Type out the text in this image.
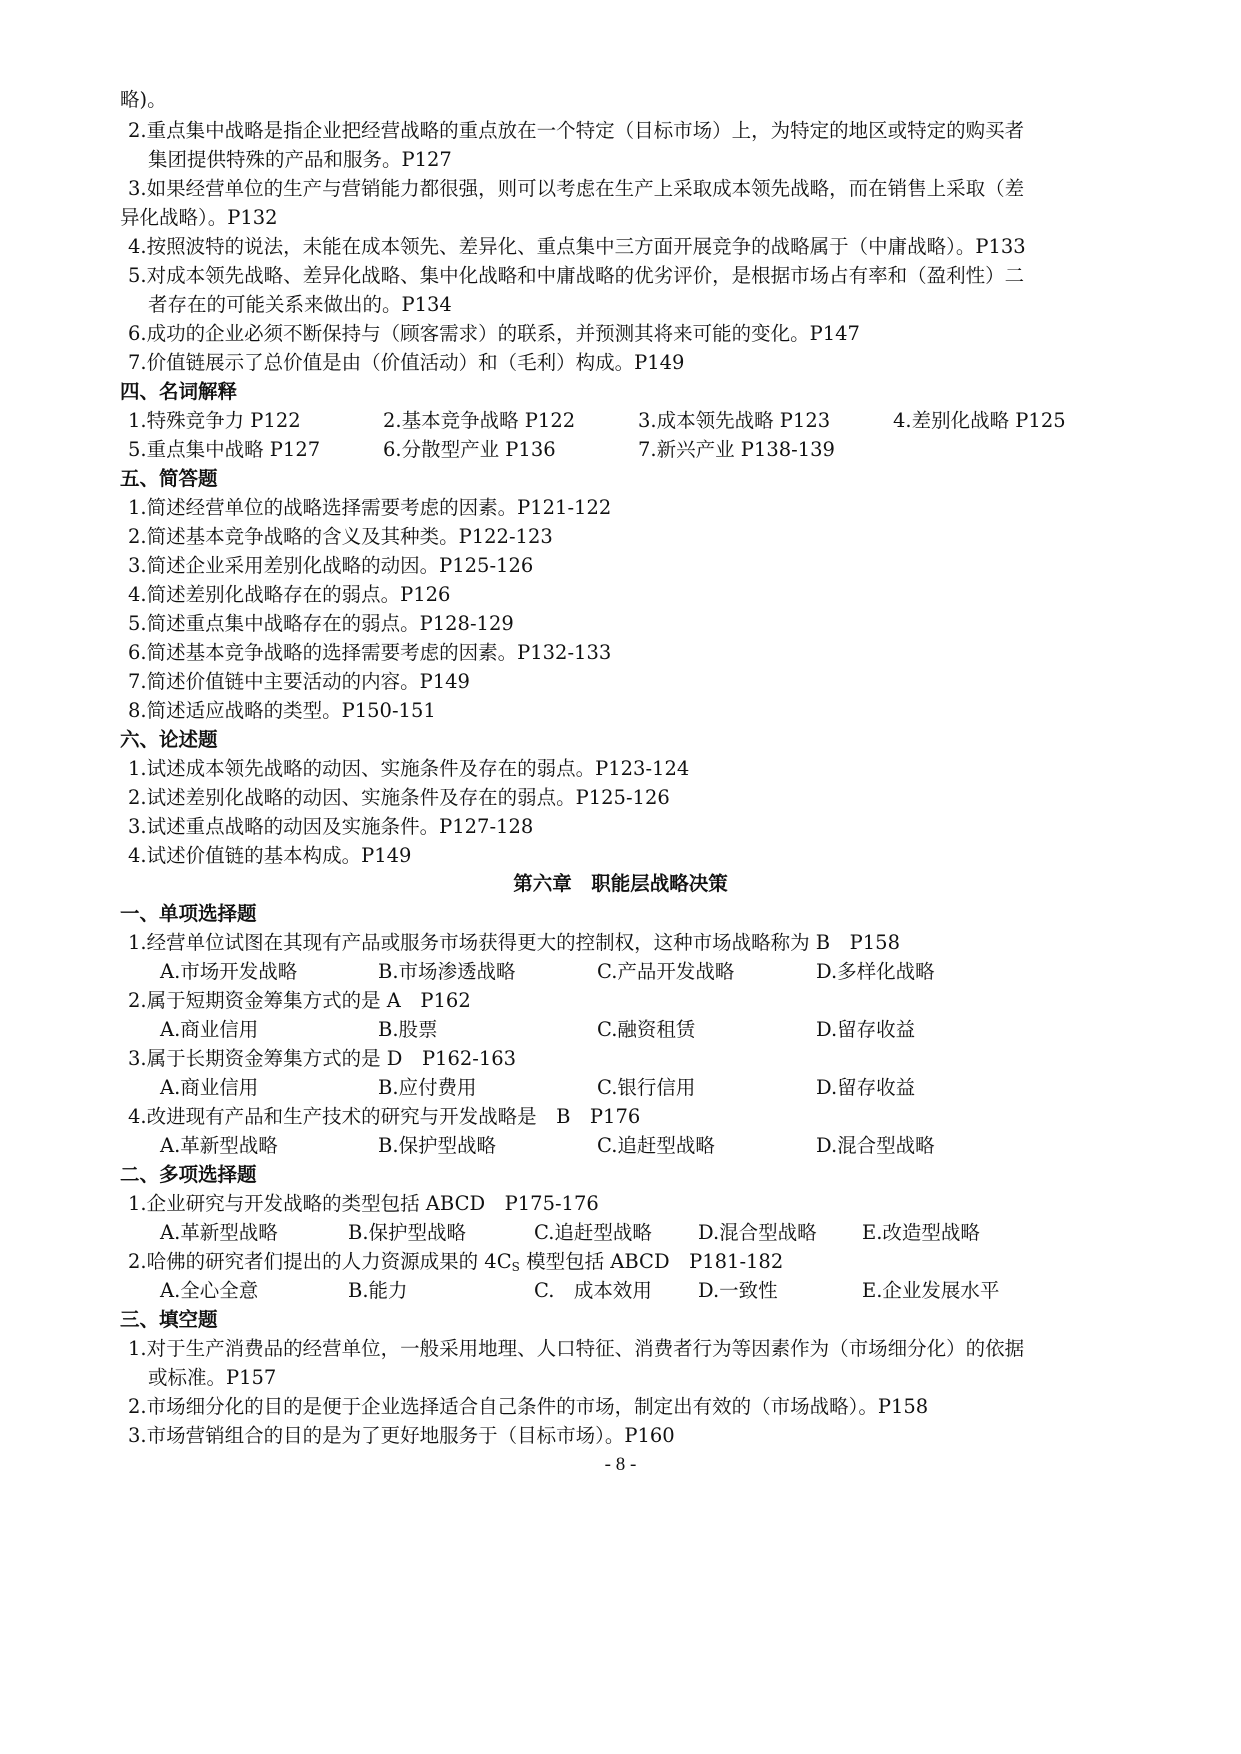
略)。
2.重点集中战略是指企业把经营战略的重点放在一个特定（目标市场）上，为特定的地区或特定的购买者
集团提供特殊的产品和服务。P127
3.如果经营单位的生产与营销能力都很强，则可以考虑在生产上采取成本领先战略，而在销售上采取（差
异化战略）。P132
4.按照波特的说法，未能在成本领先、差异化、重点集中三方面开展竞争的战略属于（中庸战略）。P133
5.对成本领先战略、差异化战略、集中化战略和中庸战略的优劣评价，是根据市场占有率和（盈利性）二
者存在的可能关系来做出的。P134
6.成功的企业必须不断保持与（顾客需求）的联系，并预测其将来可能的变化。P147
7.价值链展示了总价值是由（价值活动）和（毛利）构成。P149
四、名词解释
1.特殊竞争力 P122	2.基本竞争战略 P122	3.成本领先战略 P123	4.差别化战略 P125
5.重点集中战略 P127	6.分散型产业 P136	7.新兴产业 P138-139
五、简答题
1.简述经营单位的战略选择需要考虑的因素。P121-122
2.简述基本竞争战略的含义及其种类。P122-123
3.简述企业采用差别化战略的动因。P125-126
4.简述差别化战略存在的弱点。P126
5.简述重点集中战略存在的弱点。P128-129
6.简述基本竞争战略的选择需要考虑的因素。P132-133
7.简述价值链中主要活动的内容。P149
8.简述适应战略的类型。P150-151
六、论述题
1.试述成本领先战略的动因、实施条件及存在的弱点。P123-124
2.试述差别化战略的动因、实施条件及存在的弱点。P125-126
3.试述重点战略的动因及实施条件。P127-128
4.试述价值链的基本构成。P149
第六章　职能层战略决策
一、单项选择题
1.经营单位试图在其现有产品或服务市场获得更大的控制权，这种市场战略称为 B　P158
A.市场开发战略	B.市场渗透战略	C.产品开发战略	D.多样化战略
2.属于短期资金筹集方式的是 A　P162
A.商业信用	B.股票	C.融资租赁	D.留存收益
3.属于长期资金筹集方式的是 D　P162-163
A.商业信用	B.应付费用	C.银行信用	D.留存收益
4.改进现有产品和生产技术的研究与开发战略是　B　P176
A.革新型战略	B.保护型战略	C.追赶型战略	D.混合型战略
二、多项选择题
1.企业研究与开发战略的类型包括 ABCD　P175-176
A.革新型战略	B.保护型战略	C.追赶型战略 D.混合型战略 E.改造型战略
2.哈佛的研究者们提出的人力资源成果的 $4C_S$ 模型包括 ABCD　P181-182
A.全心全意	B.能力	C.　成本效用 D.一致性	E.企业发展水平
三、填空题
1.对于生产消费品的经营单位，一般采用地理、人口特征、消费者行为等因素作为（市场细分化）的依据
或标准。P157
2.市场细分化的目的是便于企业选择适合自己条件的市场，制定出有效的（市场战略）。P158
3.市场营销组合的目的是为了更好地服务于（目标市场）。P160
- 8 -
